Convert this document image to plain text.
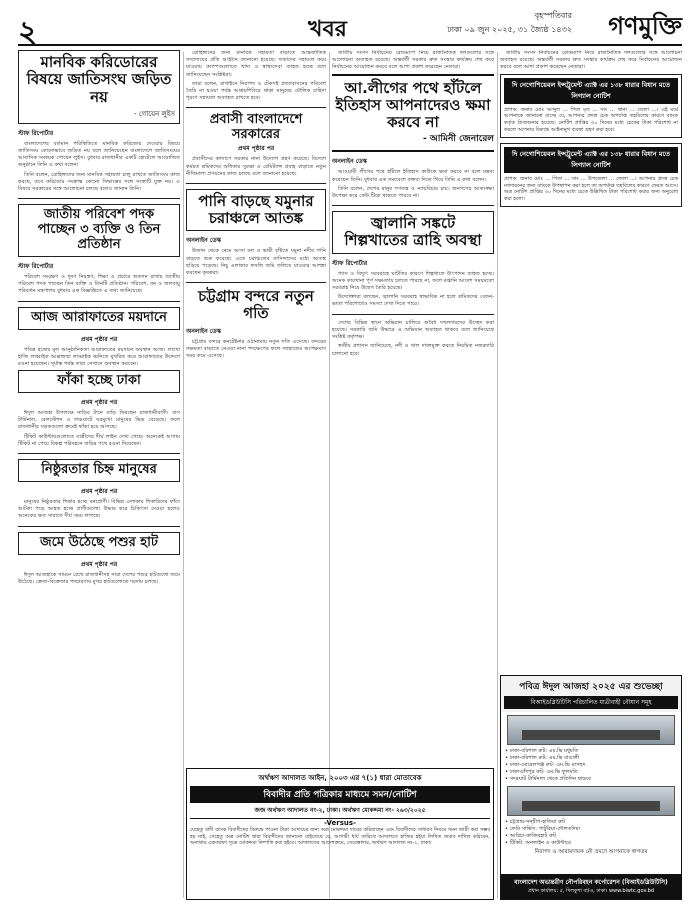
২	খবর
বৃহস্পতিবার
ঢাকা ০৯ জুন ২০২৫, ৩১ জ্যৈষ্ঠ ১৪৩২ গণমুক্তি
মানবিক করিডোরের বিষয়ে জাতিসংঘ জড়িত নয়
- গোয়েন লুইস
স্টাফ রিপোর্টার

বাংলাদেশের বর্তমান পরিস্থিতিতে মানবিক করিডোর দেওয়ার বিষয়ে জাতিসংঘ কোনোভাবে জড়িত নয় বলে জানিয়েছেন বাংলাদেশে জাতিসংঘের আবাসিক সমন্বয়ক গোয়েন লুইস। বুধবার রাজধানীর একটি হোটেলে আয়োজিত অনুষ্ঠানে তিনি এ কথা বলেন।

তিনি বলেন, রোহিঙ্গাদের জন্য মানবিক সহায়তা চালু রাখতে জাতিসংঘ কাজ করছে, তবে করিডোর সংক্রান্ত কোনো সিদ্ধান্তের সঙ্গে সংস্থাটি যুক্ত নয়। এ বিষয়ে সরকারের সঙ্গে আলোচনা চলছে বলেও জানান তিনি।

জাতীয় পরিবেশ পদক পাচ্ছেন ৩ ব্যক্তি ও তিন প্রতিষ্ঠান
স্টাফ রিপোর্টার

পরিবেশ সংরক্ষণ ও দূষণ নিয়ন্ত্রণ, শিক্ষা ও প্রচারে অবদান রাখায় জাতীয় পরিবেশ পদক পাচ্ছেন তিন ব্যক্তি ও তিনটি প্রতিষ্ঠান। পরিবেশ, বন ও জলবায়ু পরিবর্তন মন্ত্রণালয় বুধবার এক বিজ্ঞপ্তিতে এ তথ্য জানিয়েছে।

আজ আরাফাতের ময়দানে
প্রথম পৃষ্ঠার পর

পবিত্র হজের মূল আনুষ্ঠানিকতা আরাফাতের ময়দানে অবস্থান আজ। লাখো হাজি লাব্বাইক আল্লাহুম্মা লাব্বাইক ধ্বনিতে মুখরিত করে আরাফাতের উদ্দেশে রওনা হয়েছেন। সূর্যাস্ত পর্যন্ত তারা সেখানে অবস্থান করবেন।

ফাঁকা হচ্ছে ঢাকা
প্রথম পৃষ্ঠার পর

ঈদুল আজহা উপলক্ষে নাড়ির টানে বাড়ি ফিরছেন রাজধানীবাসী। বাস টার্মিনাল, রেলস্টেশন ও লঞ্চঘাটে ঘরমুখো মানুষের ভিড় বেড়েছে। ফলে রাজধানীর সড়কগুলো ক্রমেই ফাঁকা হয়ে আসছে।

টিকিট কাউন্টারগুলোতে যাত্রীদের দীর্ঘ লাইন দেখা গেছে। অনেকেই আগাম টিকিট না পেয়ে বিকল্প পরিবহনে বাড়ির পথে রওনা দিয়েছেন।

নিষ্ঠুরতার চিহ্ন মানুষের
প্রথম পৃষ্ঠার পর

মানুষের নিষ্ঠুরতার শিকার হচ্ছে বন্যপ্রাণী। বিভিন্ন এলাকায় শিকারিদের ফাঁদে আটকা পড়ে আহত হচ্ছে প্রাণীগুলো। উদ্ধার করে চিকিৎসা দেওয়া হলেও অনেকের ক্ষত সারাতে দীর্ঘ সময় লাগছে।

জমে উঠেছে পশুর হাট
প্রথম পৃষ্ঠার পর

ঈদুল আজহাকে সামনে রেখে রাজধানীসহ সারা দেশের পশুর হাটগুলো জমে উঠেছে। ক্রেতা-বিক্রেতার পদচারণায় মুখর হাটগুলোতে দরদাম চলছে।

রোহিঙ্গাদের জন্য মানবিক সহায়তা বাড়াতে আন্তর্জাতিক সম্প্রদায়ের প্রতি আহ্বান জানানো হয়েছে। দাতাদের সহায়তা কমে যাওয়ায় ক্যাম্পগুলোতে খাদ্য ও স্বাস্থ্যসেবা ব্যাহত হচ্ছে বলে জানিয়েছেন সংশ্লিষ্টরা।

তারা বলেন, রাখাইনে নিরাপদ ও টেকসই প্রত্যাবাসনের পরিবেশ তৈরি না হওয়া পর্যন্ত আশ্রয়শিবিরে থাকা মানুষের মৌলিক চাহিদা পূরণে সহায়তা অব্যাহত রাখতে হবে।

প্রবাসী বাংলাদেশে সরকারের
প্রথম পৃষ্ঠার পর

প্রবাসীদের কল্যাণে সরকার নানা উদ্যোগ গ্রহণ করেছে। বিদেশে কর্মরত শ্রমিকদের অধিকার সুরক্ষা ও রেমিট্যান্স প্রবাহ বাড়াতে নতুন নীতিমালা প্রণয়নের কাজ চলছে বলে জানানো হয়েছে।

পানি বাড়ছে যমুনার চরাঞ্চলে আতঙ্ক
অনলাইন ডেস্ক

উজান থেকে নেমে আসা ঢল ও ভারী বৃষ্টিতে যমুনা নদীর পানি বাড়তে শুরু করেছে। এতে চরাঞ্চলের বাসিন্দাদের মধ্যে আতঙ্ক ছড়িয়ে পড়েছে। নিচু এলাকার ফসলি জমি তলিয়ে যাওয়ার আশঙ্কা করছেন কৃষকরা।

চট্টগ্রাম বন্দরে নতুন গতি
অনলাইন ডেস্ক

চট্টগ্রাম বন্দরে কনটেইনার ওঠানামায় নতুন গতি এসেছে। বন্দরের সক্ষমতা বাড়াতে নেওয়া নানা পদক্ষেপের ফলে জাহাজের অপেক্ষমাণ সময় কমে এসেছে।

জাতীয় সংসদ নির্বাচনের রোডম্যাপ নিয়ে রাজনৈতিক দলগুলোর সঙ্গে আলোচনা অব্যাহত রয়েছে। অন্তর্বর্তী সরকার দ্রুত সংস্কার কার্যক্রম শেষ করে নির্বাচনের আয়োজন করবে বলে আশা প্রকাশ করেছেন নেতারা।

আ.লীগের পথে হাঁটলে ইতিহাস আপনাদেরও ক্ষমা করবে না
- আমিনী জেনারেল
অনলাইন ডেস্ক

আওয়ামী লীগের পথে হাঁটলে ইতিহাস কাউকে ক্ষমা করবে না বলে মন্তব্য করেছেন তিনি। বুধবার এক সমাবেশে বক্তব্য দিতে গিয়ে তিনি এ কথা বলেন।

তিনি বলেন, দেশের মানুষ গণতন্ত্র ও ন্যায়বিচার চায়। জনগণের আকাঙ্ক্ষা উপেক্ষা করে কেউ টিকে থাকতে পারবে না।

জ্বালানি সঙ্কটে শিল্পখাতের ত্রাহি অবস্থা
স্টাফ রিপোর্টার

গ্যাস ও বিদ্যুৎ সরবরাহে ঘাটতির কারণে শিল্পখাতে উৎপাদন ব্যাহত হচ্ছে। অনেক কারখানা পূর্ণ সক্ষমতায় চলতে পারছে না, ফলে রপ্তানি আদেশ সময়মতো সরবরাহ নিয়ে উদ্বেগ তৈরি হয়েছে।

উদ্যোক্তারা বলছেন, জ্বালানি সরবরাহ স্বাভাবিক না হলে শ্রমিকদের বেতন-ভাতা পরিশোধেও সমস্যা দেখা দিতে পারে।

দেশের বিভিন্ন স্থানে অভিযান চালিয়ে অবৈধ দখলদারদের উচ্ছেদ করা হয়েছে। সরকারি জমি উদ্ধারে এ অভিযান অব্যাহত থাকবে বলে জানিয়েছে সংশ্লিষ্ট কর্তৃপক্ষ।

স্থানীয় প্রশাসন জানিয়েছে, নদী ও খাল দখলমুক্ত করতে নিয়মিত নজরদারি চালানো হবে।

জাতীয় সংসদ নির্বাচনের রোডম্যাপ নিয়ে রাজনৈতিক দলগুলোর সঙ্গে আলোচনা অব্যাহত রয়েছে। অন্তর্বর্তী সরকার দ্রুত সংস্কার কার্যক্রম শেষ করে নির্বাচনের আয়োজন করবে বলে আশা প্রকাশ করেছেন নেতারা।

দি নেগোশিয়েবল ইন্সট্রুমেন্ট এ্যাক্ট এর ১৩৮ ধারার বিধান মতে লিগ্যাল নোটিশ
প্রাপক: জনাব মোঃ আব্দুল ... পিতা মৃত ... সাং ... থানা ... জেলা ...। এই মর্মে আপনাকে জানানো যাচ্ছে যে, আপনার প্রদত্ত চেক অপর্যাপ্ত তহবিলের কারণে ব্যাংক কর্তৃক ডিজঅনার হয়েছে। নোটিশ প্রাপ্তির ৩০ দিনের মধ্যে চেকের টাকা পরিশোধ না করলে আপনার বিরুদ্ধে আইনানুগ ব্যবস্থা গ্রহণ করা হবে।
দি নেগোশিয়েবল ইন্সট্রুমেন্ট এ্যাক্ট এর ১৩৮ ধারার বিধান মতে লিগ্যাল নোটিশ
প্রাপক: জনাব মোঃ ... পিতা ... সাং ... উপজেলা ... জেলা ...। আপনার প্রদত্ত চেক নগদায়নের জন্য ব্যাংকে উপস্থাপন করা হলে তা অপর্যাপ্ত তহবিলের কারণে ফেরত আসে। অত্র নোটিশ প্রাপ্তির ৩০ দিনের মধ্যে চেকে উল্লিখিত টাকা পরিশোধ করার জন্য অনুরোধ করা হলো।
অর্থঋণ আদালত আইন, ২০০৩ এর ৭(১) ধারা মোতাবেক
বিবাদীর প্রতি পত্রিকার মাধ্যমে সমন/নোটিশ
জজ অর্থঋণ আদালত নং-২, ঢাকা। অর্থঋণ মোকদ্দমা নং- ২৬৩/২০২৫
-Versus-
যেহেতু বাদী ব্যাংক বিবাদীদের বিরুদ্ধে পাওনা টাকা আদায়ের জন্য অত্র মোকদ্দমা দায়ের করিয়াছেন এবং বিবাদীদের সাধারণ নিয়মে সমন জারী করা সম্ভব হয় নাই, সেহেতু অত্র নোটিশ দ্বারা বিবাদীদের জানানো যাইতেছে যে, আগামী ধার্য তারিখে আদালতে হাজির হইয়া লিখিত জবাব দাখিল করিবেন, অন্যথায় একতরফা সূত্রে মোকদ্দমা নিষ্পত্তি করা হইবে। আদালতের আদেশক্রমে, সেরেস্তাদার, অর্থঋণ আদালত নং-২, ঢাকা।
পবিত্র ঈদুল আজহা ২০২৫ এর শুভেচ্ছা
বিআইডব্লিউটিসি পরিচালিত যাত্রীবাহী নৌযান সমূহ
• ঢাকা-বরিশাল রুট: এম.ভি মধুমতি
• ঢাকা-বরিশাল রুট: এম.ভি বাঙালী
• ঢাকা-মোরেলগঞ্জ রুট: এম.ভি মাসহুদ
• ঢাকা-চাঁদপুর রুট: এম.ভি ফুলমতি
• সদরঘাট টার্মিনাল থেকে প্রতিদিন ছাড়বে
• চট্টগ্রাম-সন্দ্বীপ-হাতিয়া রুট
• ফেরি সার্ভিস: পাটুরিয়া-দৌলতদিয়া
• আরিচা-কাজিরহাট রুট
• টিকিট: অনলাইন ও কাউন্টারে
নিরাপদ ও আরামদায়ক নৌ ভ্রমণে আপনাকে স্বাগতম
বাংলাদেশ অভ্যন্তরীণ নৌপরিবহন কর্পোরেশন (বিআইডব্লিউটিসি)
প্রধান কার্যালয়: ৫, দিলকুশা বা/এ, ঢাকা। www.biwtc.gov.bd
